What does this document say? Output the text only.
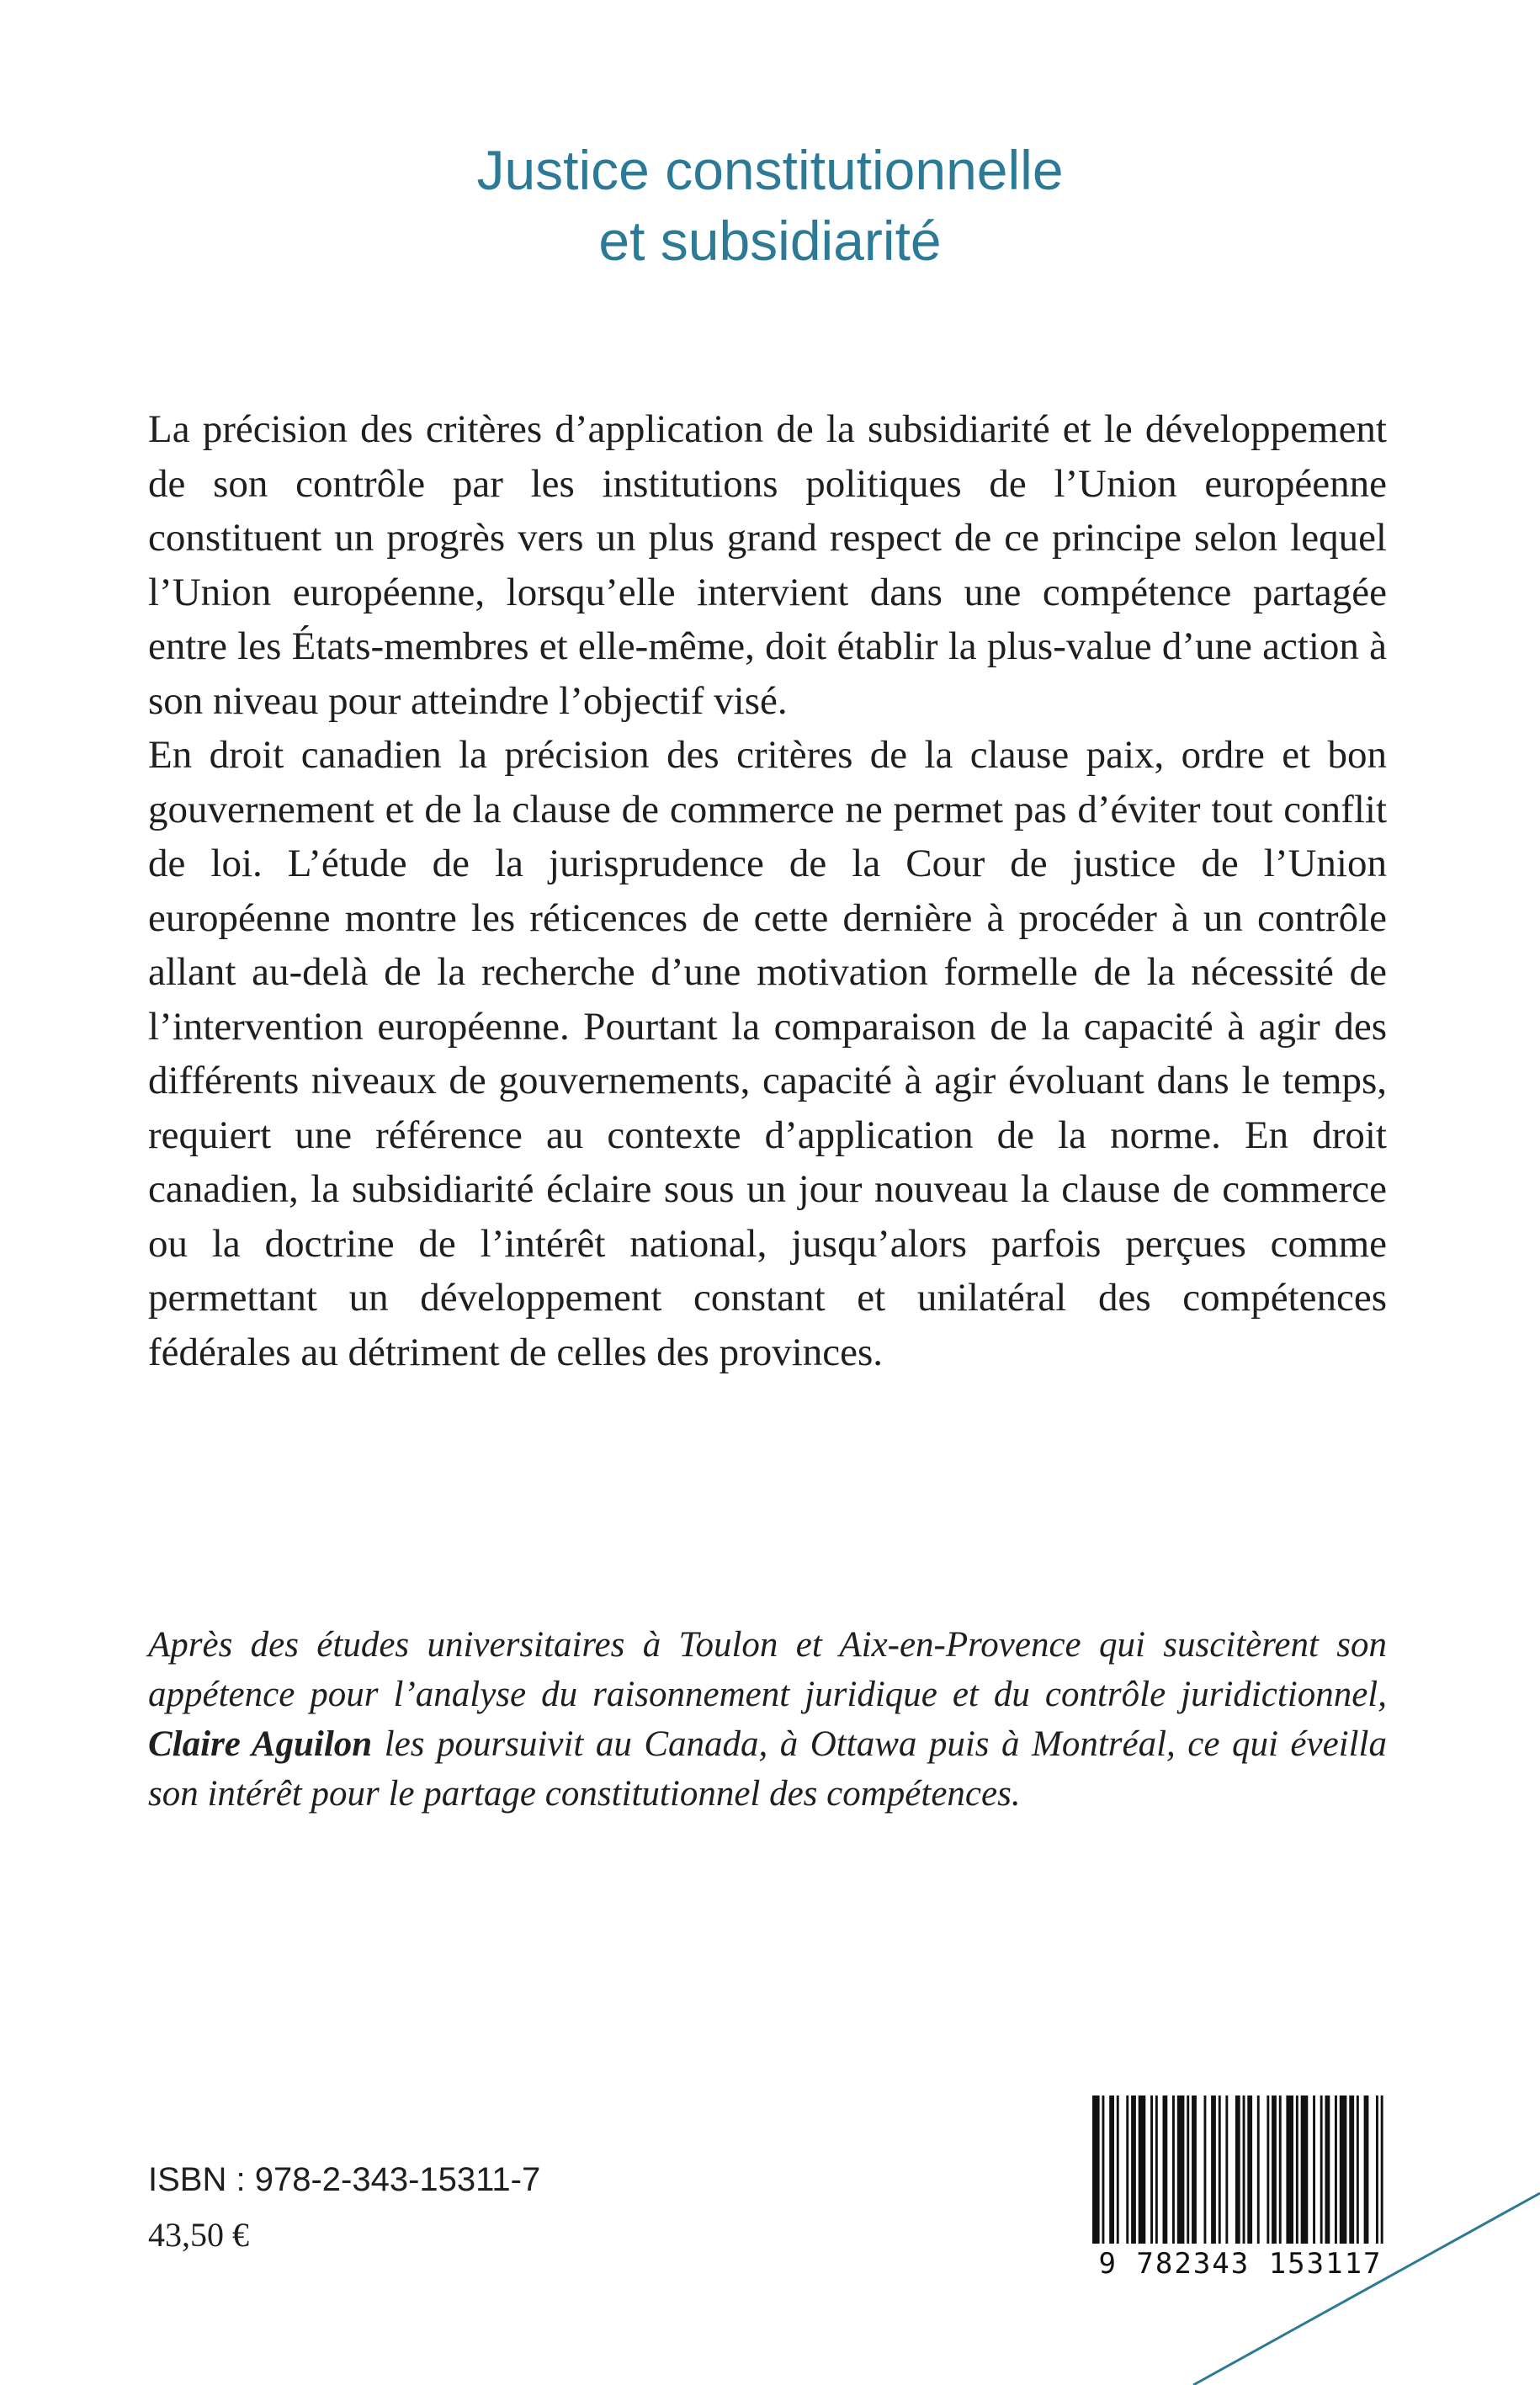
Justice constitutionnelle
et subsidiarité

La précision des critères d’application de la subsidiarité et le développement de son contrôle par les institutions politiques de l’Union européenne constituent un progrès vers un plus grand respect de ce principe selon lequel l’Union européenne, lorsqu’elle intervient dans une compétence partagée entre les États-membres et elle-même, doit établir la plus-value d’une action à son niveau pour atteindre l’objectif visé.

En droit canadien la précision des critères de la clause paix, ordre et bon gouvernement et de la clause de commerce ne permet pas d’éviter tout conflit de loi. L’étude de la jurisprudence de la Cour de justice de l’Union européenne montre les réticences de cette dernière à procéder à un contrôle allant au-delà de la recherche d’une motivation formelle de la nécessité de l’intervention européenne. Pourtant la comparaison de la capacité à agir des différents niveaux de gouvernements, capacité à agir évoluant dans le temps, requiert une référence au contexte d’application de la norme. En droit canadien, la subsidiarité éclaire sous un jour nouveau la clause de commerce ou la doctrine de l’intérêt national, jusqu’alors parfois perçues comme permettant un développement constant et unilatéral des compétences fédérales au détriment de celles des provinces.

Après des études universitaires à Toulon et Aix-en-Provence qui suscitèrent son appétence pour l’analyse du raisonnement juridique et du contrôle juridictionnel, Claire Aguilon les poursuivit au Canada, à Ottawa puis à Montréal, ce qui éveilla son intérêt pour le partage constitutionnel des compétences.
ISBN : 978-2-343-15311-7
43,50 €
9 782343 153117
